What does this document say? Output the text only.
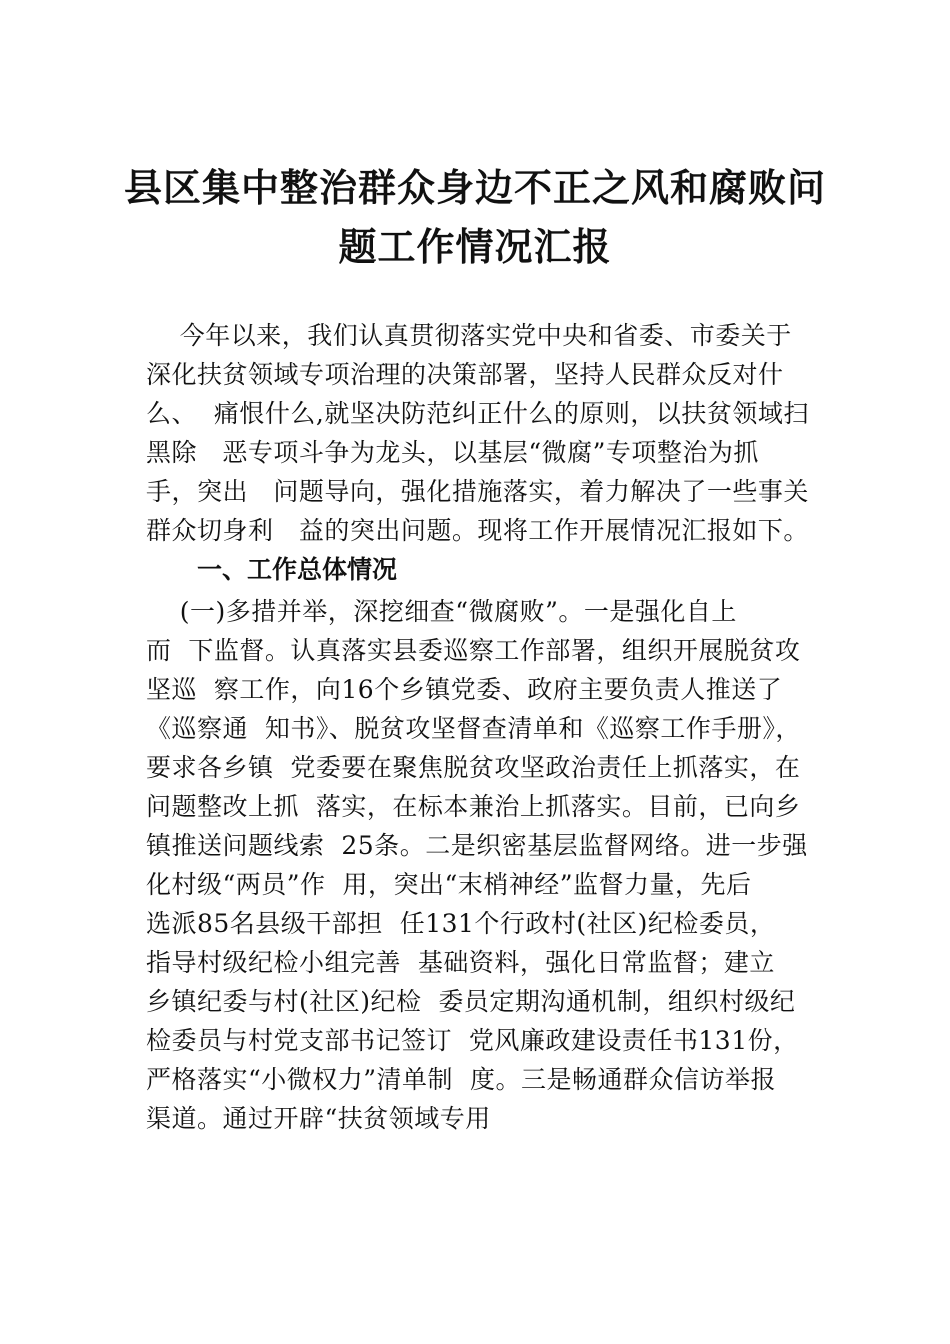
县区集中整治群众身边不正之风和腐败问
题工作情况汇报
今年以来，我们认真贯彻落实党中央和省委、市委关于
深化扶贫领域专项治理的决策部署，坚持人民群众反对什
么、  痛恨什么,就坚决防范纠正什么的原则，以扶贫领域扫
黑除   恶专项斗争为龙头，以基层“微腐”专项整治为抓
手，突出   问题导向，强化措施落实，着力解决了一些事关
群众切身利   益的突出问题。现将工作开展情况汇报如下。
一、工作总体情况
(一)多措并举，深挖细查“微腐败”。一是强化自上
而  下监督。认真落实县委巡察工作部署，组织开展脱贫攻
坚巡  察工作，向16个乡镇党委、政府主要负责人推送了
《巡察通  知书》、脱贫攻坚督查清单和《巡察工作手册》，
要求各乡镇  党委要在聚焦脱贫攻坚政治责任上抓落实，在
问题整改上抓  落实，在标本兼治上抓落实。目前，已向乡
镇推送问题线索  25条。二是织密基层监督网络。进一步强
化村级“两员”作  用，突出“末梢神经”监督力量，先后
选派85名县级干部担  任131个行政村(社区)纪检委员，
指导村级纪检小组完善  基础资料，强化日常监督；建立
乡镇纪委与村(社区)纪检  委员定期沟通机制，组织村级纪
检委员与村党支部书记签订  党风廉政建设责任书131份，
严格落实“小微权力”清单制  度。三是畅通群众信访举报
渠道。通过开辟“扶贫领域专用
